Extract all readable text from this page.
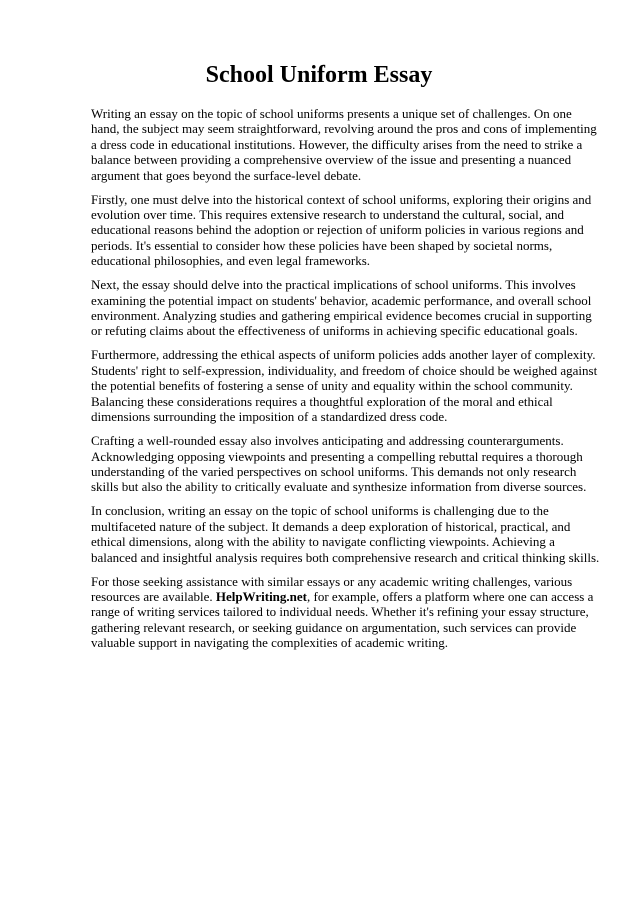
School Uniform Essay

Writing an essay on the topic of school uniforms presents a unique set of challenges. On one hand, the subject may seem straightforward, revolving around the pros and cons of implementing a dress code in educational institutions. However, the difficulty arises from the need to strike a balance between providing a comprehensive overview of the issue and presenting a nuanced argument that goes beyond the surface-level debate.

Firstly, one must delve into the historical context of school uniforms, exploring their origins and evolution over time. This requires extensive research to understand the cultural, social, and educational reasons behind the adoption or rejection of uniform policies in various regions and periods. It's essential to consider how these policies have been shaped by societal norms, educational philosophies, and even legal frameworks.

Next, the essay should delve into the practical implications of school uniforms. This involves examining the potential impact on students' behavior, academic performance, and overall school environment. Analyzing studies and gathering empirical evidence becomes crucial in supporting or refuting claims about the effectiveness of uniforms in achieving specific educational goals.

Furthermore, addressing the ethical aspects of uniform policies adds another layer of complexity. Students' right to self-expression, individuality, and freedom of choice should be weighed against the potential benefits of fostering a sense of unity and equality within the school community. Balancing these considerations requires a thoughtful exploration of the moral and ethical dimensions surrounding the imposition of a standardized dress code.

Crafting a well-rounded essay also involves anticipating and addressing counterarguments. Acknowledging opposing viewpoints and presenting a compelling rebuttal requires a thorough understanding of the varied perspectives on school uniforms. This demands not only research skills but also the ability to critically evaluate and synthesize information from diverse sources.

In conclusion, writing an essay on the topic of school uniforms is challenging due to the multifaceted nature of the subject. It demands a deep exploration of historical, practical, and ethical dimensions, along with the ability to navigate conflicting viewpoints. Achieving a balanced and insightful analysis requires both comprehensive research and critical thinking skills.

For those seeking assistance with similar essays or any academic writing challenges, various resources are available. HelpWriting.net, for example, offers a platform where one can access a range of writing services tailored to individual needs. Whether it's refining your essay structure, gathering relevant research, or seeking guidance on argumentation, such services can provide valuable support in navigating the complexities of academic writing.
